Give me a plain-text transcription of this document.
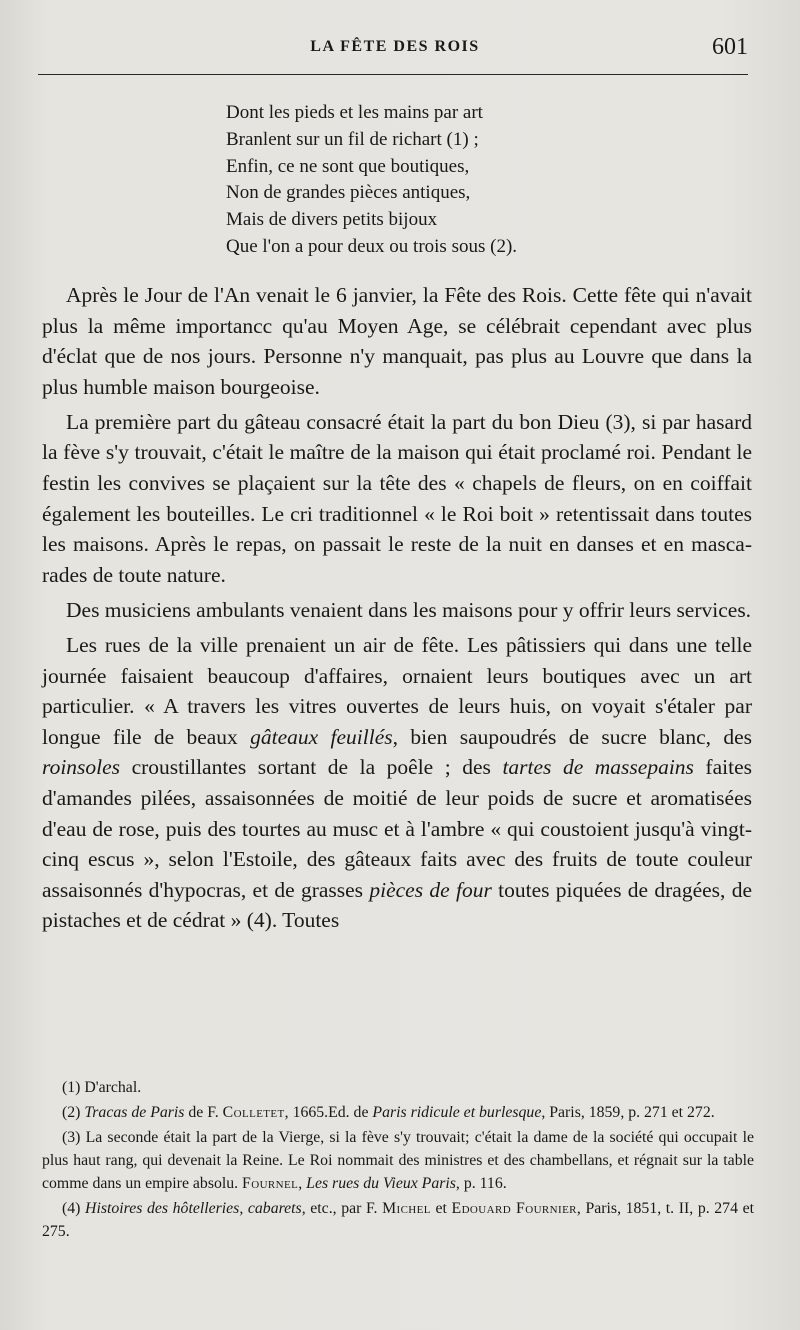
LA FÊTE DES ROIS	601
Dont les pieds et les mains par art
Branlent sur un fil de richart (1) ;
Enfin, ce ne sont que boutiques,
Non de grandes pièces antiques,
Mais de divers petits bijoux
Que l'on a pour deux ou trois sous (2).

Après le Jour de l'An venait le 6 janvier, la Fête des Rois. Cette fête qui n'avait plus la même importancc qu'au Moyen Age, se célébrait cependant avec plus d'éclat que de nos jours. Personne n'y manquait, pas plus au Louvre que dans la plus humble maison bourgeoise.

La première part du gâteau consacré était la part du bon Dieu (3), si par hasard la fève s'y trouvait, c'était le maître de la maison qui était proclamé roi. Pendant le festin les convives se plaçaient sur la tête des « chapels de fleurs, on en coiffait également les bouteilles. Le cri traditionnel « le Roi boit » retentissait dans toutes les maisons. Après le repas, on passait le reste de la nuit en danses et en mascarades de toute nature.

Des musiciens ambulants venaient dans les maisons pour y offrir leurs services.

Les rues de la ville prenaient un air de fête. Les pâtissiers qui dans une telle journée faisaient beaucoup d'affaires, ornaient leurs boutiques avec un art particulier. « A travers les vitres ouvertes de leurs huis, on voyait s'étaler par longue file de beaux gâteaux feuillés, bien saupoudrés de sucre blanc, des roinsoles croustillantes sortant de la poêle ; des tartes de massepains faites d'amandes pilées, assaisonnées de moitié de leur poids de sucre et aromatisées d'eau de rose, puis des tourtes au musc et à l'ambre « qui coustoient jusqu'à vingt-cinq escus », selon l'Estoile, des gâteaux faits avec des fruits de toute couleur assaisonnés d'hypocras, et de grasses pièces de four toutes piquées de dragées, de pistaches et de cédrat » (4). Toutes

(1) D'archal.

(2) Tracas de Paris de F. Colletet, 1665.Ed. de Paris ridicule et burlesque, Paris, 1859, p. 271 et 272.

(3) La seconde était la part de la Vierge, si la fève s'y trouvait; c'était la dame de la société qui occupait le plus haut rang, qui devenait la Reine. Le Roi nommait des ministres et des chambellans, et régnait sur la table comme dans un empire absolu. Fournel, Les rues du Vieux Paris, p. 116.

(4) Histoires des hôtelleries, cabarets, etc., par F. Michel et Edouard Fournier, Paris, 1851, t. II, p. 274 et 275.
